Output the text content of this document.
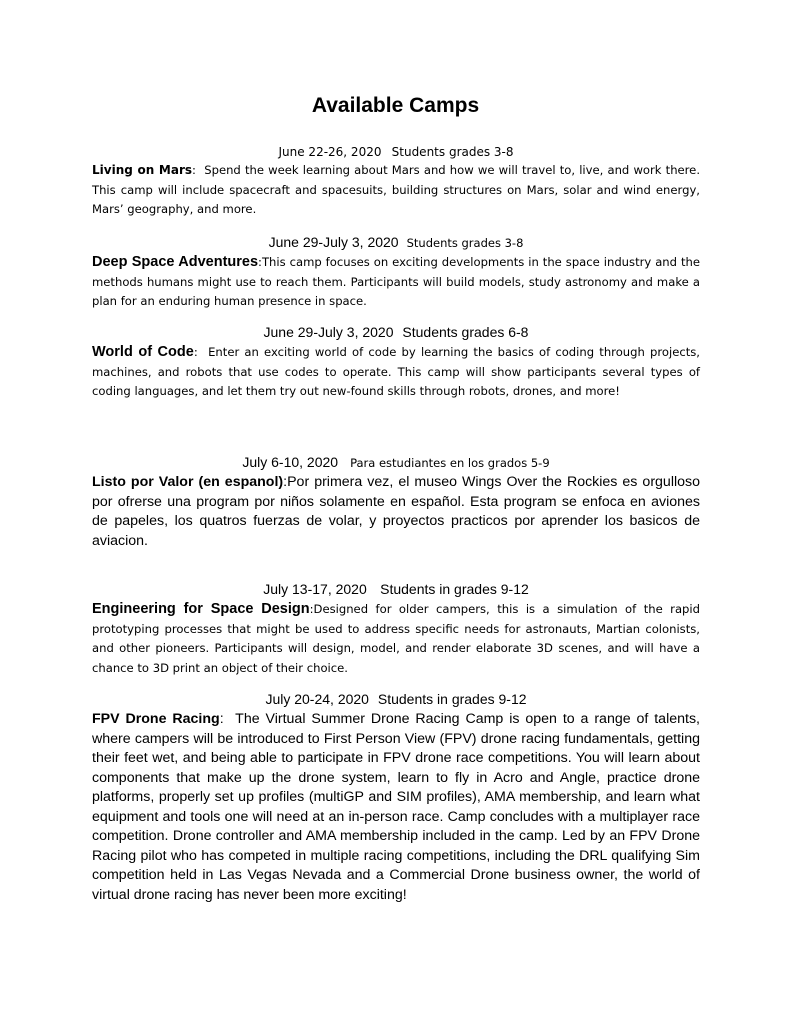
Available Camps

June 22-26, 2020 Students grades 3-8

Living on Mars:  Spend the week learning about Mars and how we will travel to, live, and work there. This camp will include spacecraft and spacesuits, building structures on Mars, solar and wind energy, Mars’ geography, and more.

June 29-July 3, 2020 Students grades 3-8

Deep Space Adventures:This camp focuses on exciting developments in the space industry and the methods humans might use to reach them. Participants will build models, study astronomy and make a plan for an enduring human presence in space.

June 29-July 3, 2020 Students grades 6-8

World of Code:  Enter an exciting world of code by learning the basics of coding through projects, machines, and robots that use codes to operate. This camp will show participants several types of coding languages, and let them try out new-found skills through robots, drones, and more!

July 6-10, 2020 Para estudiantes en los grados 5-9

Listo por Valor (en espanol):Por primera vez, el museo Wings Over the Rockies es orgulloso por ofrerse una program por niños solamente en español. Esta program se enfoca en aviones de papeles, los quatros fuerzas de volar, y proyectos practicos por aprender los basicos de aviacion.

July 13-17, 2020 Students in grades 9-12

Engineering for Space Design:Designed for older campers, this is a simulation of the rapid prototyping processes that might be used to address specific needs for astronauts, Martian colonists, and other pioneers. Participants will design, model, and render elaborate 3D scenes, and will have a chance to 3D print an object of their choice.

July 20-24, 2020 Students in grades 9-12

FPV Drone Racing:  The Virtual Summer Drone Racing Camp is open to a range of talents, where campers will be introduced to First Person View (FPV) drone racing fundamentals, getting their feet wet, and being able to participate in FPV drone race competitions. You will learn about components that make up the drone system, learn to fly in Acro and Angle, practice drone platforms, properly set up profiles (multiGP and SIM profiles), AMA membership, and learn what equipment and tools one will need at an in-person race. Camp concludes with a multiplayer race competition. Drone controller and AMA membership included in the camp. Led by an FPV Drone Racing pilot who has competed in multiple racing competitions, including the DRL qualifying Sim competition held in Las Vegas Nevada and a Commercial Drone business owner, the world of virtual drone racing has never been more exciting!
